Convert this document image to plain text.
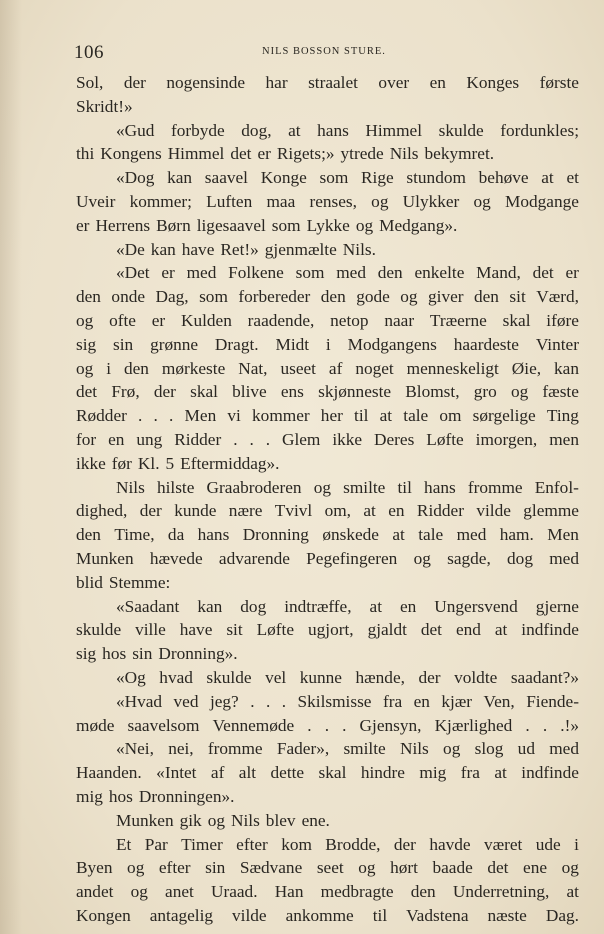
106	NILS BOSSON STURE.
Sol, der nogensinde har straalet over en Konges første
Skridt!»
«Gud forbyde dog, at hans Himmel skulde fordunkles;
thi Kongens Himmel det er Rigets;» ytrede Nils bekymret.
«Dog kan saavel Konge som Rige stundom behøve at et
Uveir kommer; Luften maa renses, og Ulykker og Modgange
er Herrens Børn ligesaavel som Lykke og Medgang».
«De kan have Ret!» gjenmælte Nils.
«Det er med Folkene som med den enkelte Mand, det er
den onde Dag, som forbereder den gode og giver den sit Værd,
og ofte er Kulden raadende, netop naar Træerne skal iføre
sig sin grønne Dragt. Midt i Modgangens haardeste Vinter
og i den mørkeste Nat, useet af noget menneskeligt Øie, kan
det Frø, der skal blive ens skjønneste Blomst, gro og fæste
Rødder . . . Men vi kommer her til at tale om sørgelige Ting
for en ung Ridder . . . Glem ikke Deres Løfte imorgen, men
ikke før Kl. 5 Eftermiddag».
Nils hilste Graabroderen og smilte til hans fromme Enfol-
dighed, der kunde nære Tvivl om, at en Ridder vilde glemme
den Time, da hans Dronning ønskede at tale med ham. Men
Munken hævede advarende Pegefingeren og sagde, dog med
blid Stemme:
«Saadant kan dog indtræffe, at en Ungersvend gjerne
skulde ville have sit Løfte ugjort, gjaldt det end at indfinde
sig hos sin Dronning».
«Og hvad skulde vel kunne hænde, der voldte saadant?»
«Hvad ved jeg? . . . Skilsmisse fra en kjær Ven, Fiende-
møde saavelsom Vennemøde . . . Gjensyn, Kjærlighed . . .!»
«Nei, nei, fromme Fader», smilte Nils og slog ud med
Haanden. «Intet af alt dette skal hindre mig fra at indfinde
mig hos Dronningen».
Munken gik og Nils blev ene.
Et Par Timer efter kom Brodde, der havde været ude i
Byen og efter sin Sædvane seet og hørt baade det ene og
andet og anet Uraad. Han medbragte den Underretning, at
Kongen antagelig vilde ankomme til Vadstena næste Dag.
